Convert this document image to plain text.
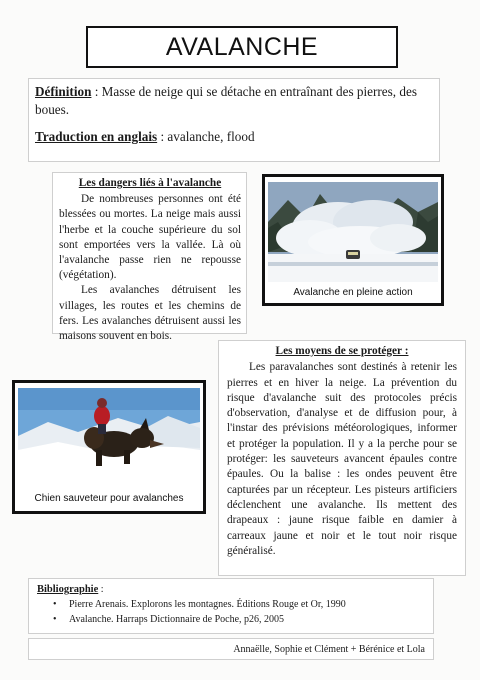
AVALANCHE

Définition : Masse de neige qui se détache en entraînant des pierres, des boues.

Traduction en anglais : avalanche, flood

Les dangers liés à l'avalanche

De nombreuses personnes ont été blessées ou mortes. La neige mais aussi l'herbe et la couche supérieure du sol sont emportées vers la vallée. Là où l'avalanche passe rien ne repousse (végétation).

Les avalanches détruisent les villages, les routes et les chemins de fers. Les avalanches détruisent aussi les maisons souvent en bois.

Avalanche en pleine action
Les moyens de se protéger :

Les paravalanches sont destinés à retenir les pierres et en hiver la neige. La prévention du risque d'avalanche suit des protocoles précis d'observation, d'analyse et de diffusion pour, à l'instar des prévisions météorologiques, informer et protéger la population. Il y a la perche pour se protéger: les sauveteurs avancent épaules contre épaules. Ou la balise : les ondes peuvent être capturées par un récepteur. Les pisteurs artificiers déclenchent une avalanche. Ils mettent des drapeaux : jaune risque faible en damier à carreaux jaune et noir et le tout noir risque généralisé.

Chien sauveteur pour avalanches
Bibliographie :
•	Pierre Arenais. Explorons les montagnes. Éditions Rouge et Or, 1990
•	Avalanche. Harraps Dictionnaire de Poche, p26, 2005
Annaëlle, Sophie et Clément + Bérénice et Lola
